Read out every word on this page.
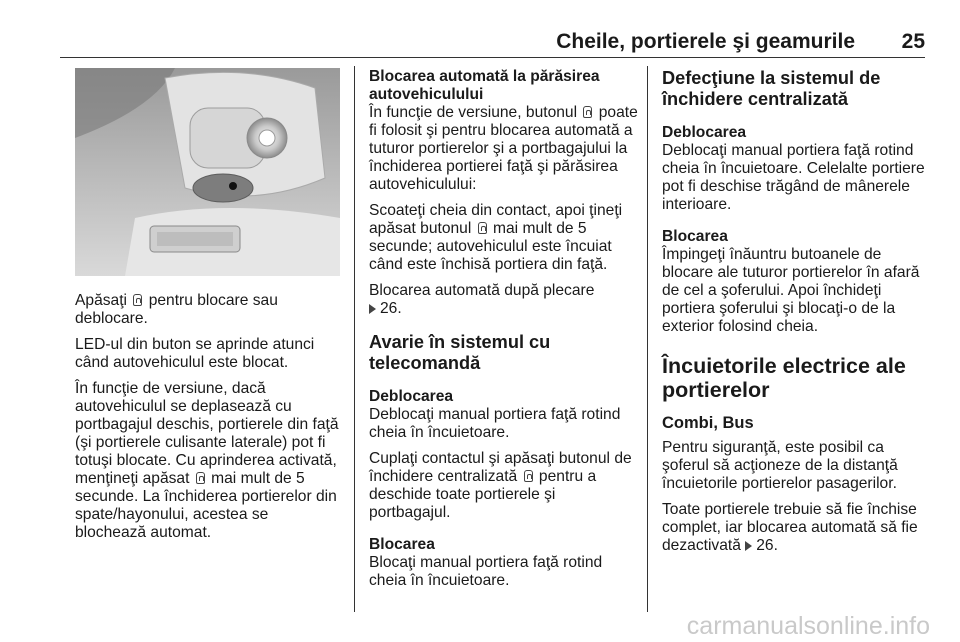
Cheile, portierele şi geamurile 25

Apăsaţi pentru blocare sau deblocare.

LED-ul din buton se aprinde atunci când autovehiculul este blocat.

În funcţie de versiune, dacă autovehiculul se deplasează cu portbagajul deschis, portierele din faţă (şi portierele culisante laterale) pot fi totuşi blocate. Cu aprinderea activată, menţineţi apăsat mai mult de 5 secunde. La închiderea portierelor din spate/hayonului, acestea se blochează automat.

Blocarea automată la părăsirea autovehiculului

În funcţie de versiune, butonul poate fi folosit şi pentru blocarea automată a tuturor portierelor şi a portbagajului la închiderea portierei faţă şi părăsirea autovehiculului:

Scoateţi cheia din contact, apoi ţineţi apăsat butonul mai mult de 5 secunde; autovehiculul este încuiat când este închisă portiera din faţă.

Blocarea automată după plecare
26.

Avarie în sistemul cu telecomandă

Deblocarea

Deblocaţi manual portiera faţă rotind cheia în încuietoare.

Cuplaţi contactul şi apăsaţi butonul de închidere centralizată pentru a deschide toate portierele şi portbagajul.

Blocarea

Blocaţi manual portiera faţă rotind cheia în încuietoare.

Defecţiune la sistemul de închidere centralizată

Deblocarea

Deblocaţi manual portiera faţă rotind cheia în încuietoare. Celelalte portiere pot fi deschise trăgând de mânerele interioare.

Blocarea

Împingeţi înăuntru butoanele de blocare ale tuturor portierelor în afară de cel a şoferului. Apoi închideţi portiera şoferului şi blocaţi-o de la exterior folosind cheia.

Încuietorile electrice ale portierelor

Combi, Bus

Pentru siguranţă, este posibil ca şoferul să acţioneze de la distanţă încuietorile portierelor pasagerilor.

Toate portierele trebuie să fie închise complet, iar blocarea automată să fie dezactivată 26.

carmanualsonline.info
